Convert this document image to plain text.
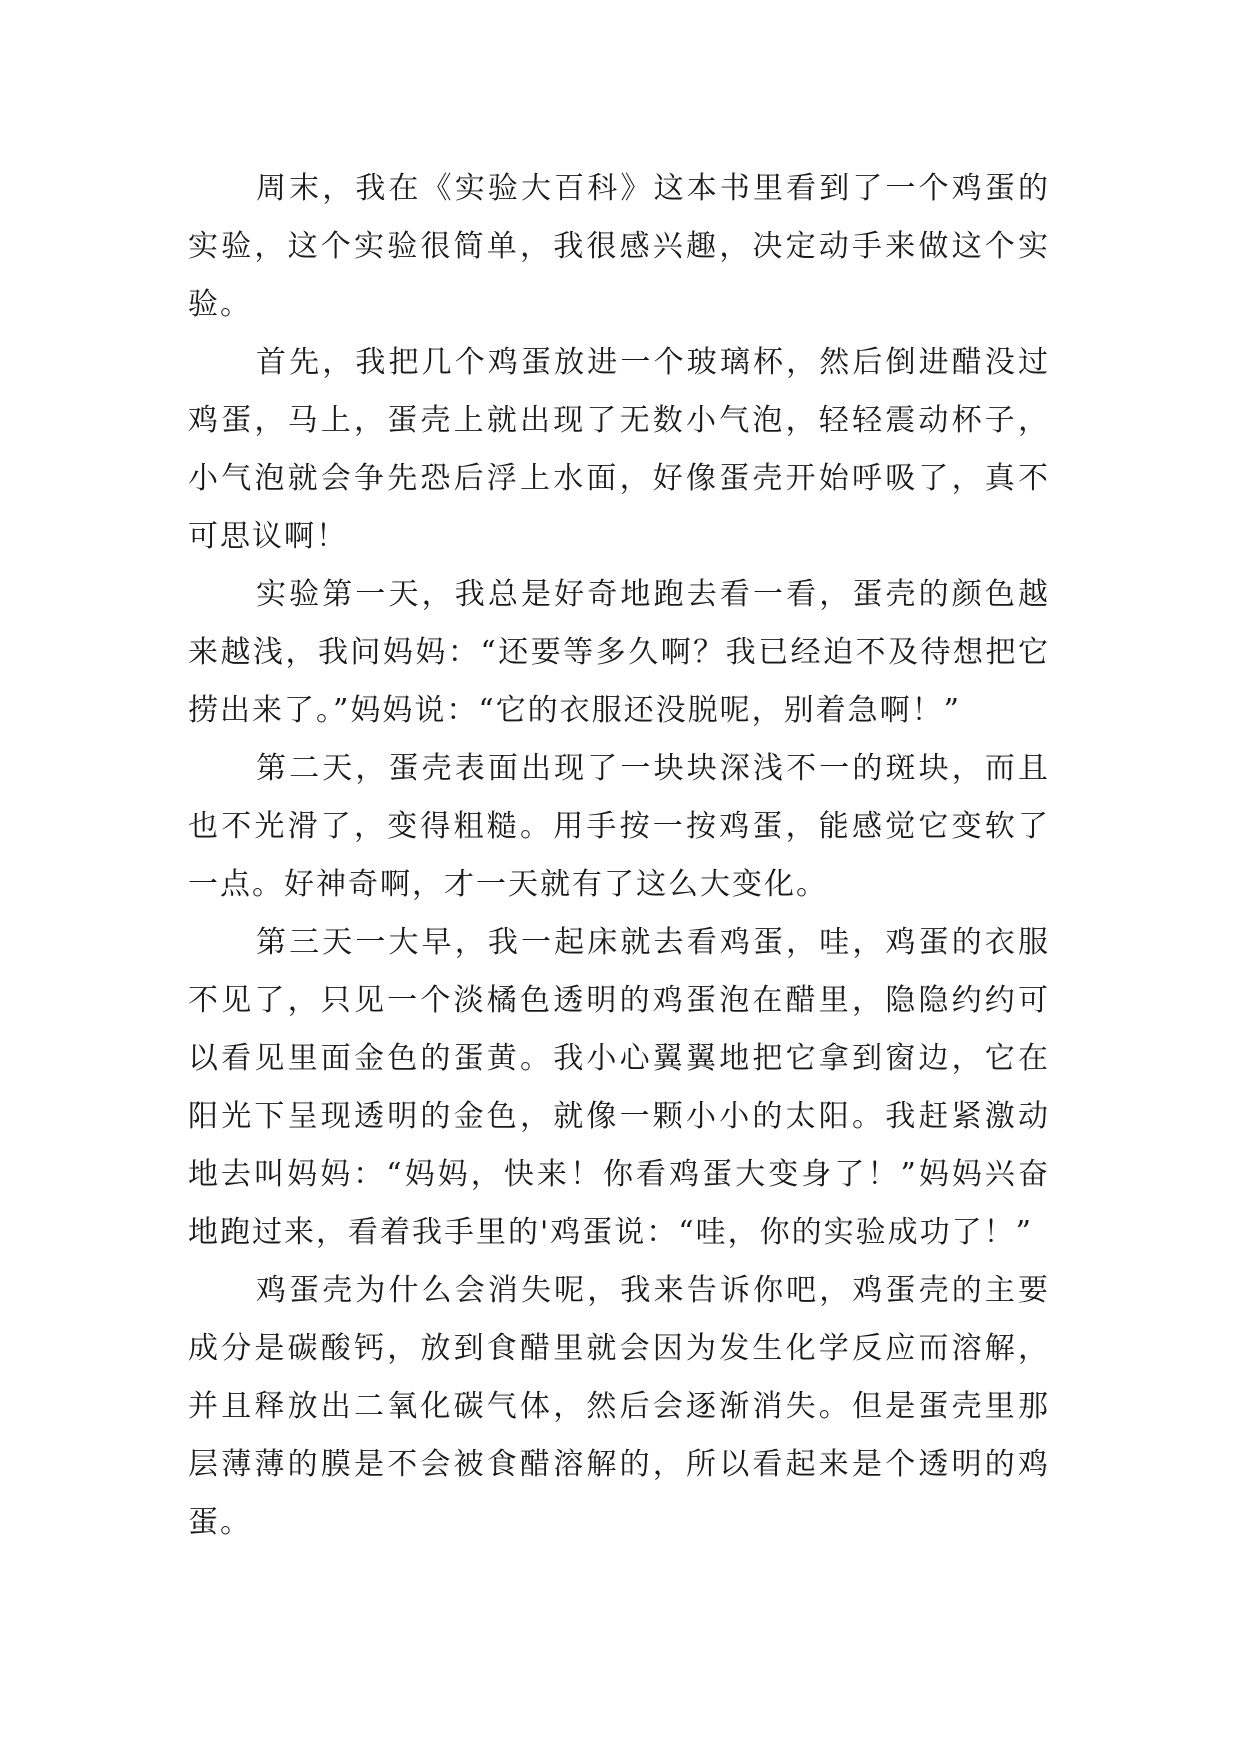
周末，我在《实验大百科》这本书里看到了一个鸡蛋的实验，这个实验很简单，我很感兴趣，决定动手来做这个实验。

首先，我把几个鸡蛋放进一个玻璃杯，然后倒进醋没过鸡蛋，马上，蛋壳上就出现了无数小气泡，轻轻震动杯子，小气泡就会争先恐后浮上水面，好像蛋壳开始呼吸了，真不可思议啊！

实验第一天，我总是好奇地跑去看一看，蛋壳的颜色越来越浅，我问妈妈：“还要等多久啊？我已经迫不及待想把它捞出来了。”妈妈说：“它的衣服还没脱呢，别着急啊！”

第二天，蛋壳表面出现了一块块深浅不一的斑块，而且也不光滑了，变得粗糙。用手按一按鸡蛋，能感觉它变软了一点。好神奇啊，才一天就有了这么大变化。

第三天一大早，我一起床就去看鸡蛋，哇，鸡蛋的衣服不见了，只见一个淡橘色透明的鸡蛋泡在醋里，隐隐约约可以看见里面金色的蛋黄。我小心翼翼地把它拿到窗边，它在阳光下呈现透明的金色，就像一颗小小的太阳。我赶紧激动地去叫妈妈：“妈妈，快来！你看鸡蛋大变身了！”妈妈兴奋地跑过来，看着我手里的'鸡蛋说：“哇，你的实验成功了！”

鸡蛋壳为什么会消失呢，我来告诉你吧，鸡蛋壳的主要成分是碳酸钙，放到食醋里就会因为发生化学反应而溶解，并且释放出二氧化碳气体，然后会逐渐消失。但是蛋壳里那层薄薄的膜是不会被食醋溶解的，所以看起来是个透明的鸡蛋。
